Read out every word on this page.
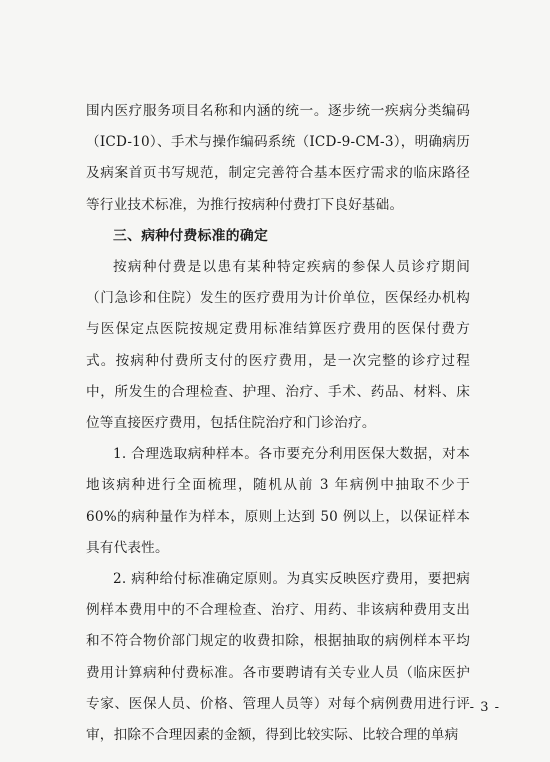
围内医疗服务项目名称和内涵的统一。逐步统一疾病分类编码（ICD-10）、手术与操作编码系统（ICD-9-CM-3），明确病历及病案首页书写规范，制定完善符合基本医疗需求的临床路径等行业技术标准，为推行按病种付费打下良好基础。

三、病种付费标准的确定

按病种付费是以患有某种特定疾病的参保人员诊疗期间（门急诊和住院）发生的医疗费用为计价单位，医保经办机构与医保定点医院按规定费用标准结算医疗费用的医保付费方式。按病种付费所支付的医疗费用，是一次完整的诊疗过程中，所发生的合理检查、护理、治疗、手术、药品、材料、床位等直接医疗费用，包括住院治疗和门诊治疗。

1. 合理选取病种样本。各市要充分利用医保大数据，对本地该病种进行全面梳理，随机从前 3 年病例中抽取不少于 60%的病种量作为样本，原则上达到 50 例以上，以保证样本具有代表性。

2. 病种给付标准确定原则。为真实反映医疗费用，要把病例样本费用中的不合理检查、治疗、用药、非该病种费用支出和不符合物价部门规定的收费扣除，根据抽取的病例样本平均费用计算病种付费标准。各市要聘请有关专业人员（临床医护专家、医保人员、价格、管理人员等）对每个病例费用进行评审，扣除不合理因素的金额，得到比较实际、比较合理的单病

- 3 -
